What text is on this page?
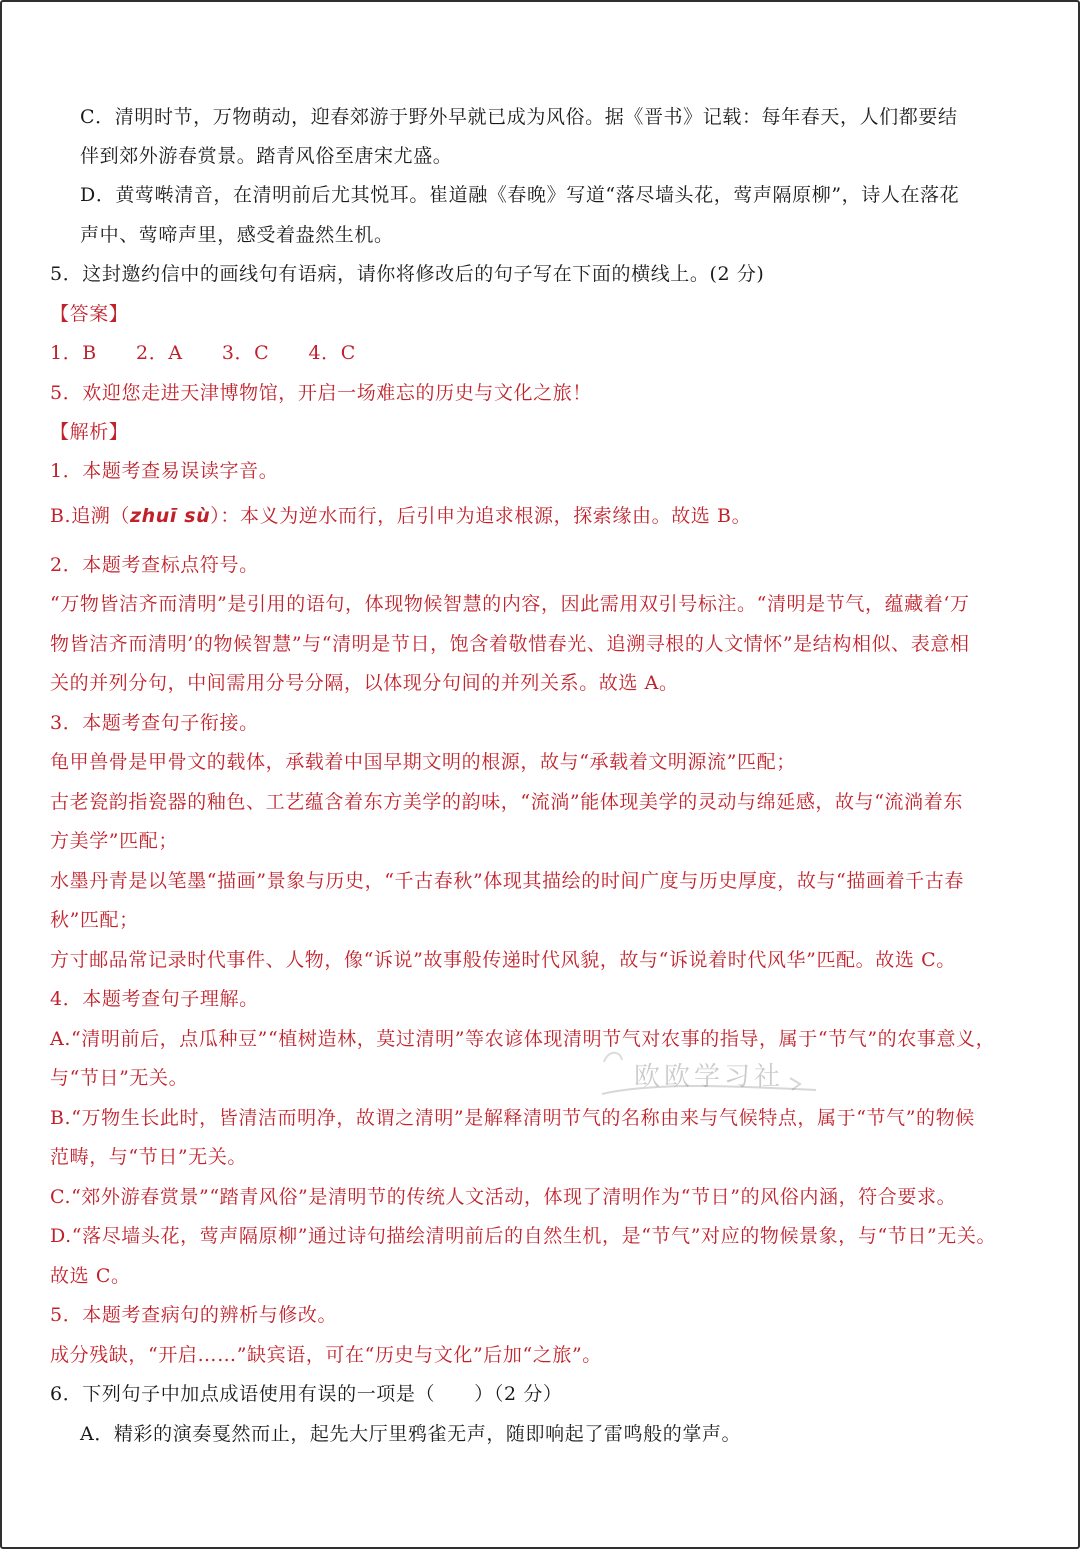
C．清明时节，万物萌动，迎春郊游于野外早就已成为风俗。据《晋书》记载：每年春天，人们都要结
伴到郊外游春赏景。踏青风俗至唐宋尤盛。
D．黄莺啭清音，在清明前后尤其悦耳。崔道融《春晚》写道“落尽墙头花，莺声隔原柳”，诗人在落花
声中、莺啼声里，感受着盎然生机。
5．这封邀约信中的画线句有语病，请你将修改后的句子写在下面的横线上。(2 分)
【答案】
1．B　　2．A　　3．C　　4．C
5．欢迎您走进天津博物馆，开启一场难忘的历史与文化之旅！
【解析】
1．本题考查易误读字音。
B.追溯（zhuī sù）：本义为逆水而行，后引申为追求根源，探索缘由。故选 B。
2．本题考查标点符号。
“万物皆洁齐而清明”是引用的语句，体现物候智慧的内容，因此需用双引号标注。“清明是节气，蕴藏着‘万
物皆洁齐而清明’的物候智慧”与“清明是节日，饱含着敬惜春光、追溯寻根的人文情怀”是结构相似、表意相
关的并列分句，中间需用分号分隔，以体现分句间的并列关系。故选 A。
3．本题考查句子衔接。
龟甲兽骨是甲骨文的载体，承载着中国早期文明的根源，故与“承载着文明源流”匹配；
古老瓷韵指瓷器的釉色、工艺蕴含着东方美学的韵味，“流淌”能体现美学的灵动与绵延感，故与“流淌着东
方美学”匹配；
水墨丹青是以笔墨“描画”景象与历史，“千古春秋”体现其描绘的时间广度与历史厚度，故与“描画着千古春
秋”匹配；
方寸邮品常记录时代事件、人物，像“诉说”故事般传递时代风貌，故与“诉说着时代风华”匹配。故选 C。
4．本题考查句子理解。
A.“清明前后，点瓜种豆”“植树造林，莫过清明”等农谚体现清明节气对农事的指导，属于“节气”的农事意义，
与“节日”无关。
B.“万物生长此时，皆清洁而明净，故谓之清明”是解释清明节气的名称由来与气候特点，属于“节气”的物候
范畴，与“节日”无关。
C.“郊外游春赏景”“踏青风俗”是清明节的传统人文活动，体现了清明作为“节日”的风俗内涵，符合要求。
D.“落尽墙头花，莺声隔原柳”通过诗句描绘清明前后的自然生机，是“节气”对应的物候景象，与“节日”无关。
故选 C。
5．本题考查病句的辨析与修改。
成分残缺，“开启……”缺宾语，可在“历史与文化”后加“之旅”。
6．下列句子中加点成语使用有误的一项是（　　）（2 分）
A．精彩的演奏戛然而止，起先大厅里鸦雀无声，随即响起了雷鸣般的掌声。
欧欧学习社
